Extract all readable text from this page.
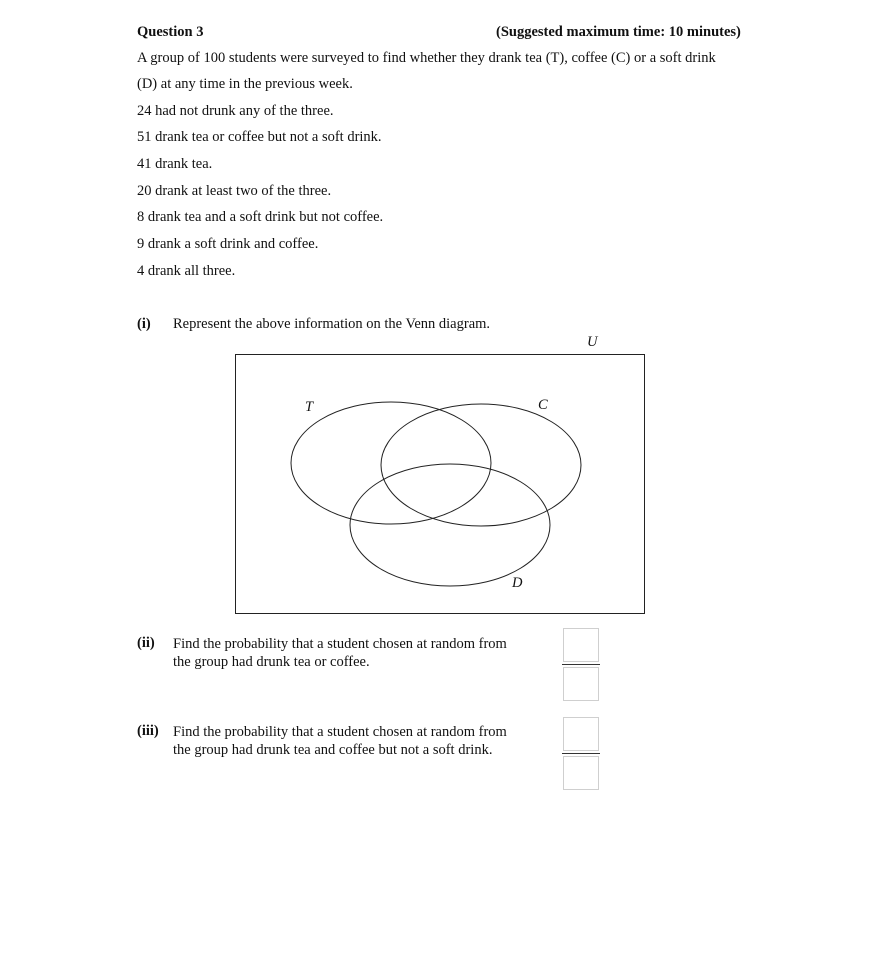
Question 3	(Suggested maximum time: 10 minutes)
A group of 100 students were surveyed to find whether they drank tea (T), coffee (C) or a soft drink
(D) at any time in the previous week.
24 had not drunk any of the three.
51 drank tea or coffee but not a soft drink.
41 drank tea.
20 drank at least two of the three.
8 drank tea and a soft drink but not coffee.
9 drank a soft drink and coffee.
4 drank all three.
(i) Represent the above information on the Venn diagram.
U
T	C
D
(ii) Find the probability that a student chosen at random from
the group had drunk tea or coffee.
(iii) Find the probability that a student chosen at random from
the group had drunk tea and coffee but not a soft drink.
